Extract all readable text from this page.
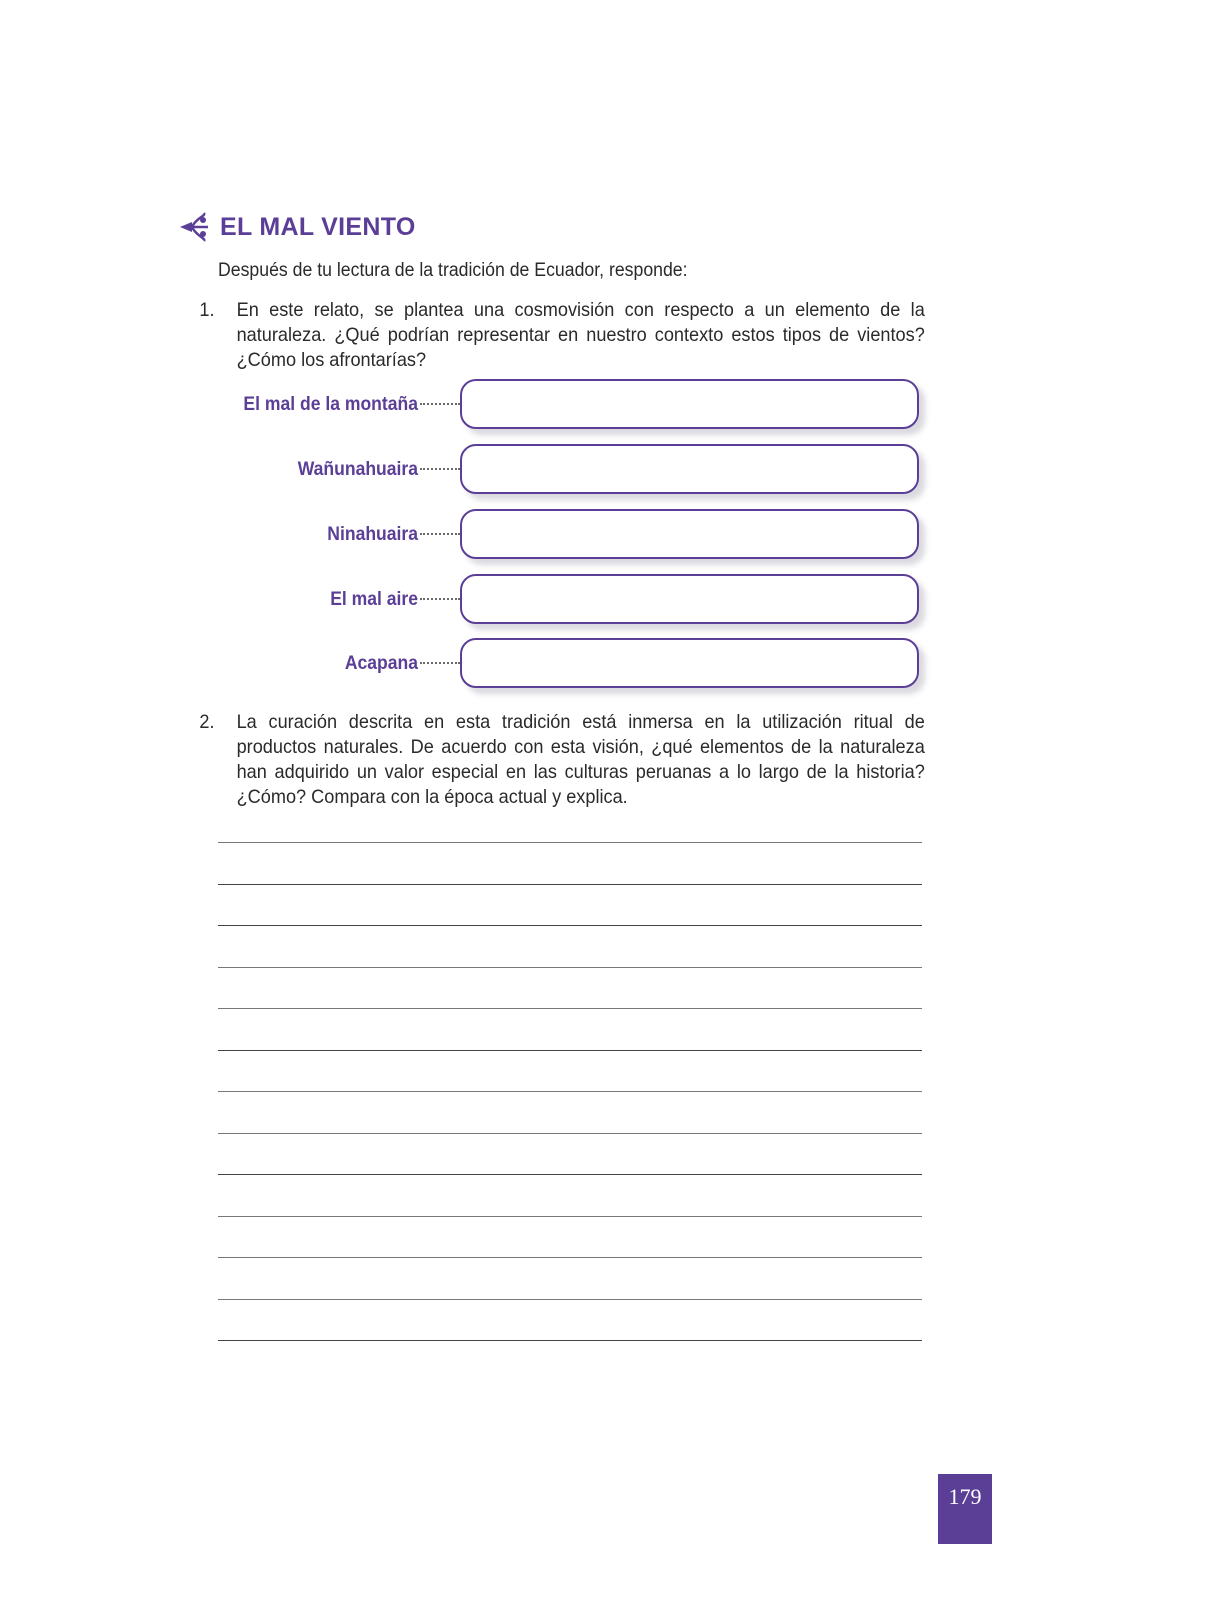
EL MAL VIENTO
Después de tu lectura de la tradición de Ecuador, responde:
1. En este relato, se plantea una cosmovisión con respecto a un elemento de la naturaleza. ¿Qué podrían representar en nuestro contexto estos tipos de vientos? ¿Cómo los afrontarías?
El mal de la montaña
Wañunahuaira
Ninahuaira
El mal aire
Acapana
2. La curación descrita en esta tradición está inmersa en la utilización ritual de productos naturales. De acuerdo con esta visión, ¿qué elementos de la naturaleza han adquirido un valor especial en las culturas peruanas a lo largo de la historia? ¿Cómo? Compara con la época actual y explica.
179
